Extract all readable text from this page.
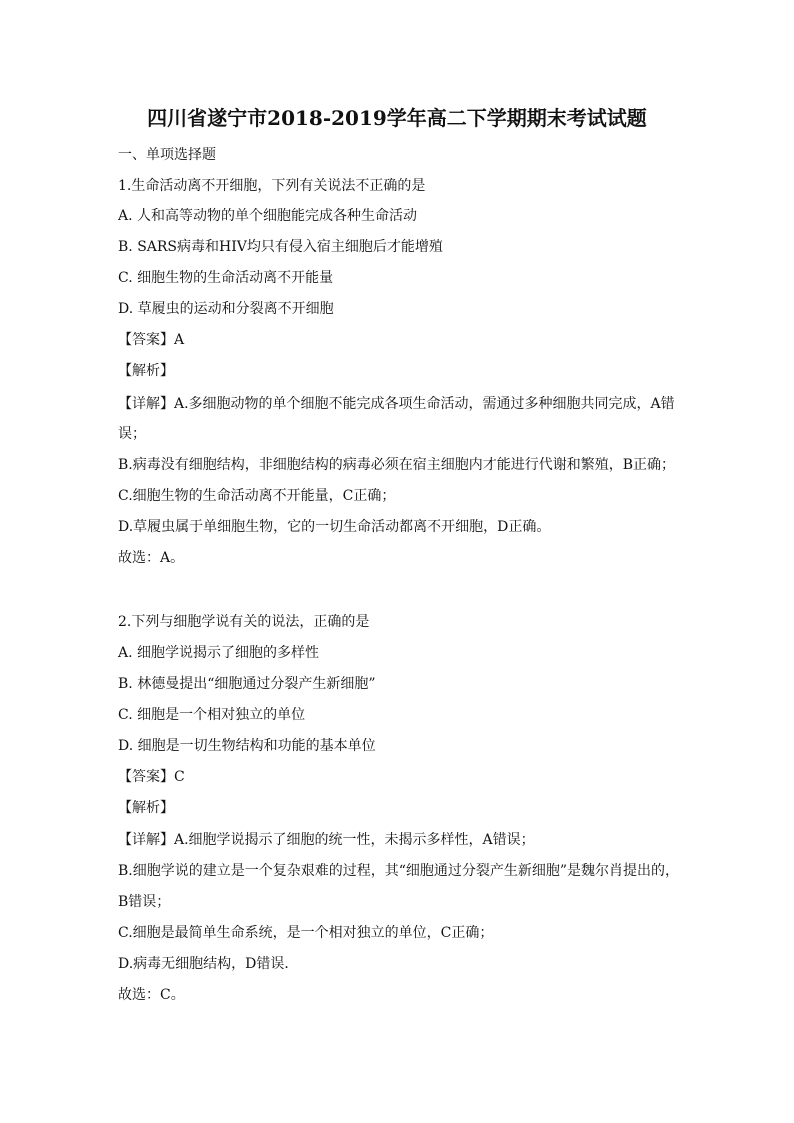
四川省遂宁市2018-2019学年高二下学期期末考试试题
一、单项选择题
1.生命活动离不开细胞，下列有关说法不正确的是
A. 人和高等动物的单个细胞能完成各种生命活动
B. SARS病毒和HIV均只有侵入宿主细胞后才能增殖
C. 细胞生物的生命活动离不开能量
D. 草履虫的运动和分裂离不开细胞
【答案】A
【解析】
【详解】A.多细胞动物的单个细胞不能完成各项生命活动，需通过多种细胞共同完成，A错
误；
B.病毒没有细胞结构，非细胞结构的病毒必须在宿主细胞内才能进行代谢和繁殖，B正确；
C.细胞生物的生命活动离不开能量，C正确；
D.草履虫属于单细胞生物，它的一切生命活动都离不开细胞，D正确。
故选：A。
2.下列与细胞学说有关的说法，正确的是
A. 细胞学说揭示了细胞的多样性
B. 林德曼提出“细胞通过分裂产生新细胞”
C. 细胞是一个相对独立的单位
D. 细胞是一切生物结构和功能的基本单位
【答案】C
【解析】
【详解】A.细胞学说揭示了细胞的统一性，未揭示多样性，A错误；
B.细胞学说的建立是一个复杂艰难的过程，其“细胞通过分裂产生新细胞”是魏尔肖提出的，
B错误；
C.细胞是最简单生命系统，是一个相对独立的单位，C正确；
D.病毒无细胞结构，D错误．
故选：C。
